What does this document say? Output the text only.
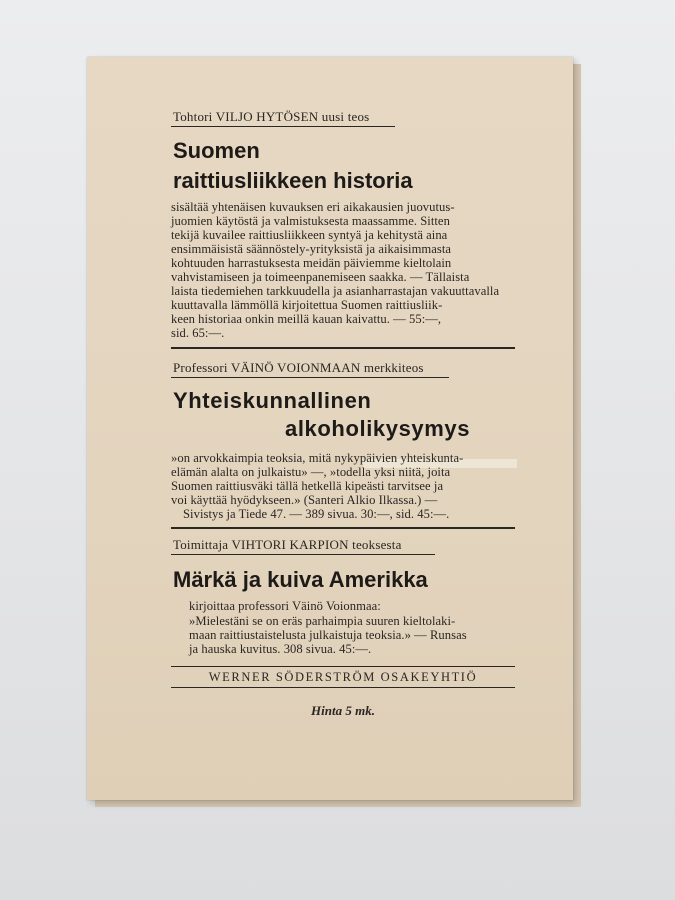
Tohtori VILJO HYTÖSEN uusi teos
Suomen
raittiusliikkeen historia
sisältää yhtenäisen kuvauksen eri aikakausien juovutus-
juomien käytöstä ja valmistuksesta maassamme. Sitten
tekijä kuvailee raittiusliikkeen syntyä ja kehitystä aina
ensimmäisistä säännöstely-yrityksistä ja aikaisimmasta
kohtuuden harrastuksesta meidän päiviemme kieltolain
vahvistamiseen ja toimeenpanemiseen saakka. — Tällaista
laista tiedemiehen tarkkuudella ja asianharrastajan vakuuttavalla
kuuttavalla lämmöllä kirjoitettua Suomen raittiusliik-
keen historiaa onkin meillä kauan kaivattu. — 55:—,
sid. 65:—.
Professori VÄINÖ VOIONMAAN merkkiteos
Yhteiskunnallinen
alkoholikysymys
»on arvokkaimpia teoksia, mitä nykypäivien yhteiskunta-
elämän alalta on julkaistu» —, »todella yksi niitä, joita
Suomen raittiusväki tällä hetkellä kipeästi tarvitsee ja
voi käyttää hyödykseen.» (Santeri Alkio Ilkassa.) —
Sivistys ja Tiede 47. — 389 sivua. 30:—, sid. 45:—.
Toimittaja VIHTORI KARPION teoksesta
Märkä ja kuiva Amerikka
kirjoittaa professori Väinö Voionmaa:
»Mielestäni se on eräs parhaimpia suuren kieltolaki-
maan raittiustaistelusta julkaistuja teoksia.» — Runsas
ja hauska kuvitus. 308 sivua. 45:—.
WERNER SÖDERSTRÖM OSAKEYHTIÖ
Hinta 5 mk.
